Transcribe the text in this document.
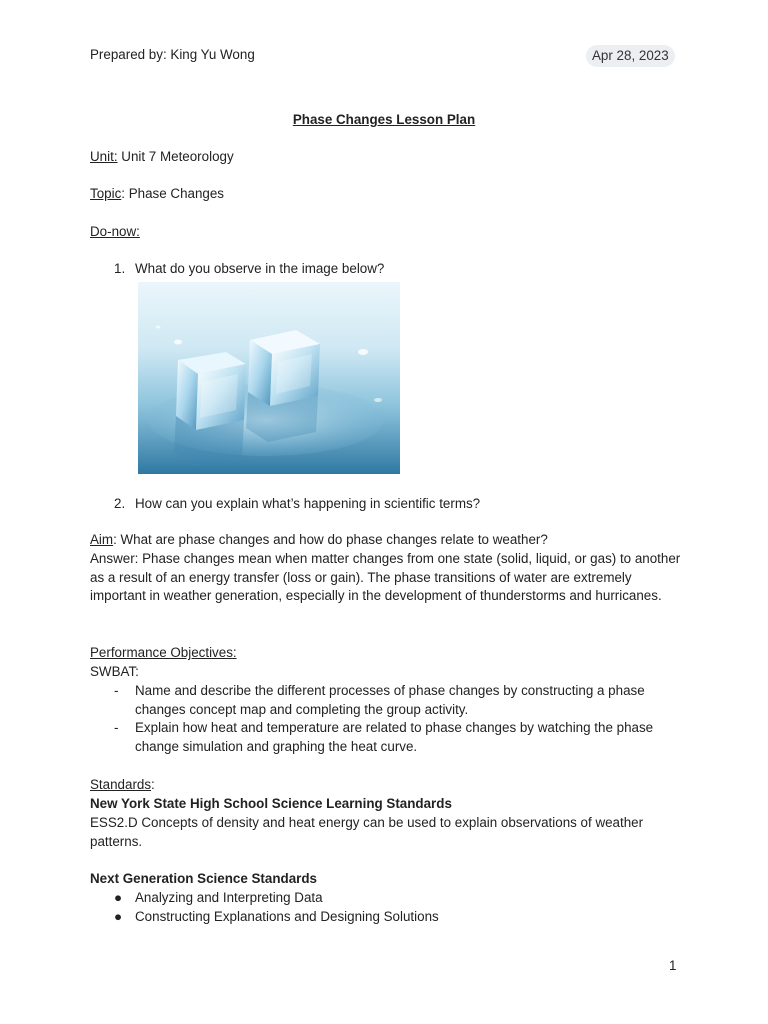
Prepared by: King Yu Wong	Apr 28, 2023
Phase Changes Lesson Plan
Unit: Unit 7 Meteorology
Topic: Phase Changes
Do-now:
1. What do you observe in the image below?
2. How can you explain what’s happening in scientific terms?
Aim: What are phase changes and how do phase changes relate to weather?
Answer: Phase changes mean when matter changes from one state (solid, liquid, or gas) to another as a result of an energy transfer (loss or gain). The phase transitions of water are extremely important in weather generation, especially in the development of thunderstorms and hurricanes.
Performance Objectives:
SWBAT:
-	Name and describe the different processes of phase changes by constructing a phase changes concept map and completing the group activity.
-	Explain how heat and temperature are related to phase changes by watching the phase change simulation and graphing the heat curve.
Standards:
New York State High School Science Learning Standards
ESS2.D Concepts of density and heat energy can be used to explain observations of weather patterns.
Next Generation Science Standards
● Analyzing and Interpreting Data
● Constructing Explanations and Designing Solutions
1
